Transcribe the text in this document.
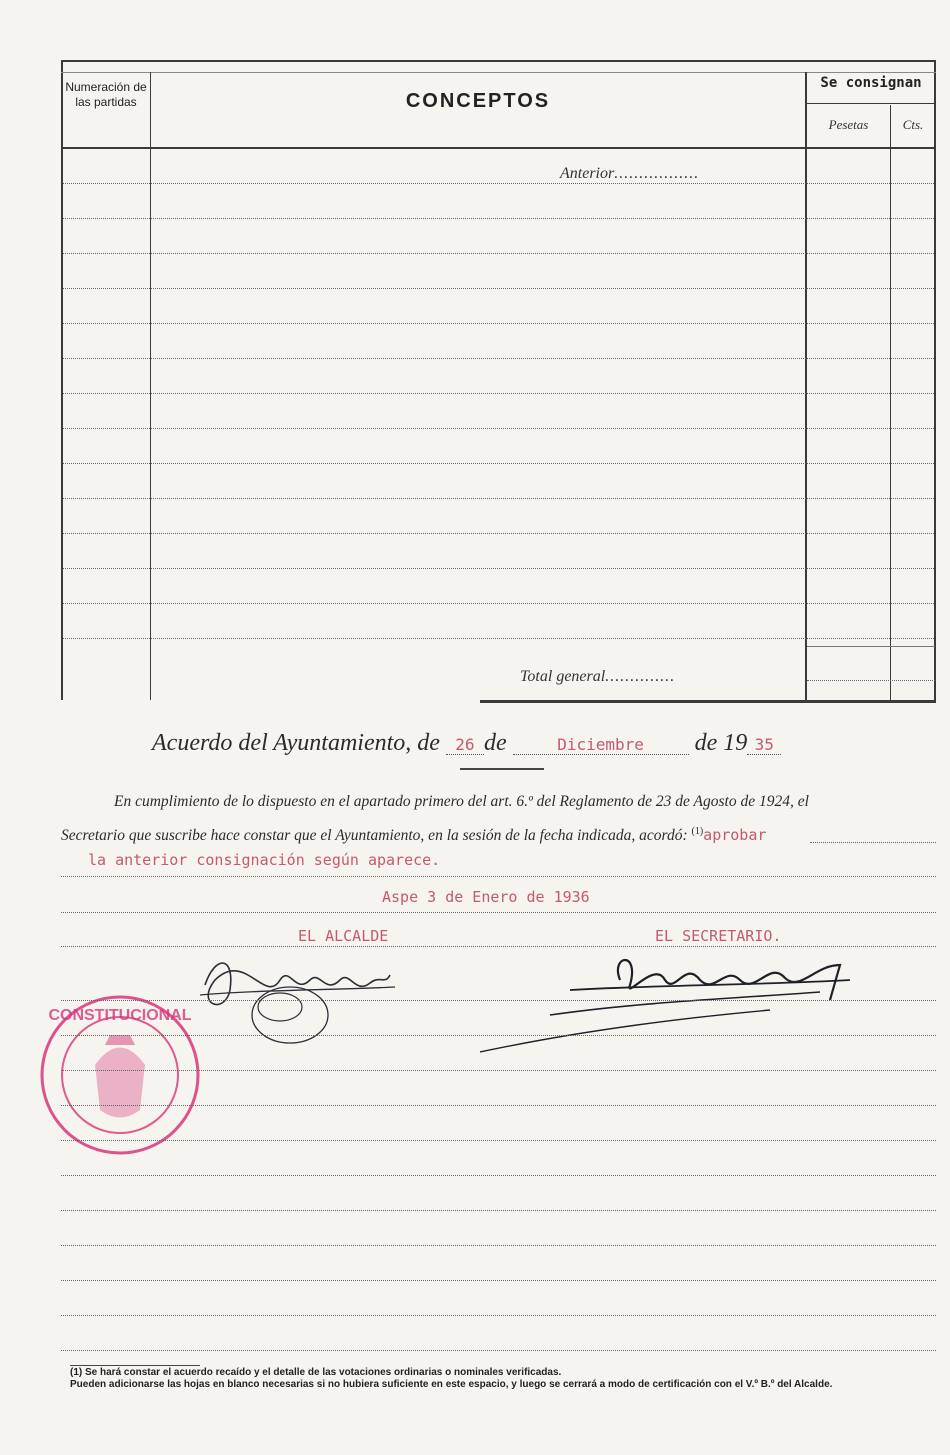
Numeración de las partidas	CONCEPTOS
Se consignan
Pesetas	Cts.
Anterior.................
Total general..............
Acuerdo del Ayuntamiento, de 26 de	Diciembre de 19 35
En cumplimiento de lo dispuesto en el apartado primero del art. 6.º del Reglamento de 23 de Agosto de 1924, el
Secretario que suscribe hace constar que el Ayuntamiento, en la sesión de la fecha indicada, acordó: $^{(1)}$aprobar
la anterior consignación según aparece.
Aspe 3 de Enero de 1936
EL ALCALDE	EL SECRETARIO.
CONSTITUCIONAL
(1) Se hará constar el acuerdo recaído y el detalle de las votaciones ordinarias o nominales verificadas.
Pueden adicionarse las hojas en blanco necesarias si no hubiera suficiente en este espacio, y luego se cerrará a modo de certificación con el V.º B.º del Alcalde.
